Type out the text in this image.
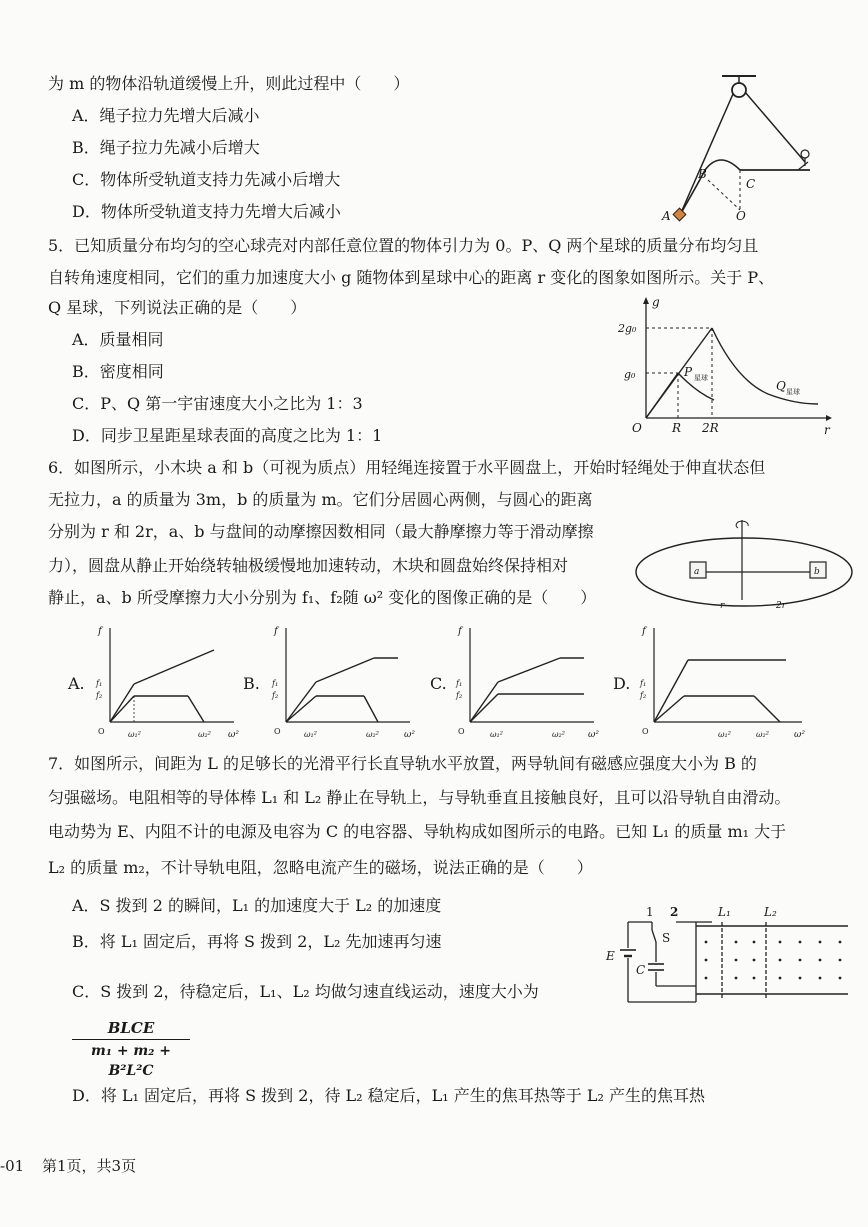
为 m 的物体沿轨道缓慢上升，则此过程中（　　）
A．绳子拉力先增大后减小
B．绳子拉力先减小后增大
C．物体所受轨道支持力先减小后增大
D．物体所受轨道支持力先增大后减小	A
B
C
O
5．已知质量分布均匀的空心球壳对内部任意位置的物体引力为 0。P、Q 两个星球的质量分布均匀且
自转角速度相同，它们的重力加速度大小 g 随物体到星球中心的距离 r 变化的图象如图所示。关于 P、
Q 星球，下列说法正确的是（　　）
A．质量相同
B．密度相同
C．P、Q 第一宇宙速度大小之比为 1：3
D．同步卫星距星球表面的高度之比为 1：1
g
r
O
2g₀
g₀	P 星球
Q 星球
R 2R
6．如图所示，小木块 a 和 b（可视为质点）用轻绳连接置于水平圆盘上，开始时轻绳处于伸直状态但
无拉力，a 的质量为 3m，b 的质量为 m。它们分居圆心两侧，与圆心的距离
分别为 r 和 2r，a、b 与盘间的动摩擦因数相同（最大静摩擦力等于滑动摩擦
力），圆盘从静止开始绕转轴极缓慢地加速转动，木块和圆盘始终保持相对
静止，a、b 所受摩擦力大小分别为 f₁、f₂随 ω² 变化的图像正确的是（　　）
a	b
r	2r
A.	B.	C.	D.
f
ω²
O
f₁
f₂
ω₁²	ω₂²
f
ω²
O
f₁
f₂
ω₁²	ω₂²
f
ω²
O
f₁
f₂
ω₁²	ω₂²
f
ω²
O
f₁
f₂
ω₁²	ω₂²
7．如图所示，间距为 L 的足够长的光滑平行长直导轨水平放置，两导轨间有磁感应强度大小为 B 的
匀强磁场。电阻相等的导体棒 L₁ 和 L₂ 静止在导轨上，与导轨垂直且接触良好，且可以沿导轨自由滑动。
电动势为 E、内阻不计的电源及电容为 C 的电容器、导轨构成如图所示的电路。已知 L₁ 的质量 m₁ 大于
L₂ 的质量 m₂，不计导轨电阻，忽略电流产生的磁场，说法正确的是（　　）
A．S 拨到 2 的瞬间，L₁ 的加速度大于 L₂ 的加速度
B．将 L₁ 固定后，再将 S 拨到 2，L₂ 先加速再匀速
C．S 拨到 2，待稳定后，L₁、L₂ 均做匀速直线运动，速度大小为
BLCE
m₁ + m₂ + B²L²C
D．将 L₁ 固定后，再将 S 拨到 2，待 L₂ 稳定后，L₁ 产生的焦耳热等于 L₂ 产生的焦耳热
1 2
S
E
C
L₁	L₂
-01 第1页，共3页
